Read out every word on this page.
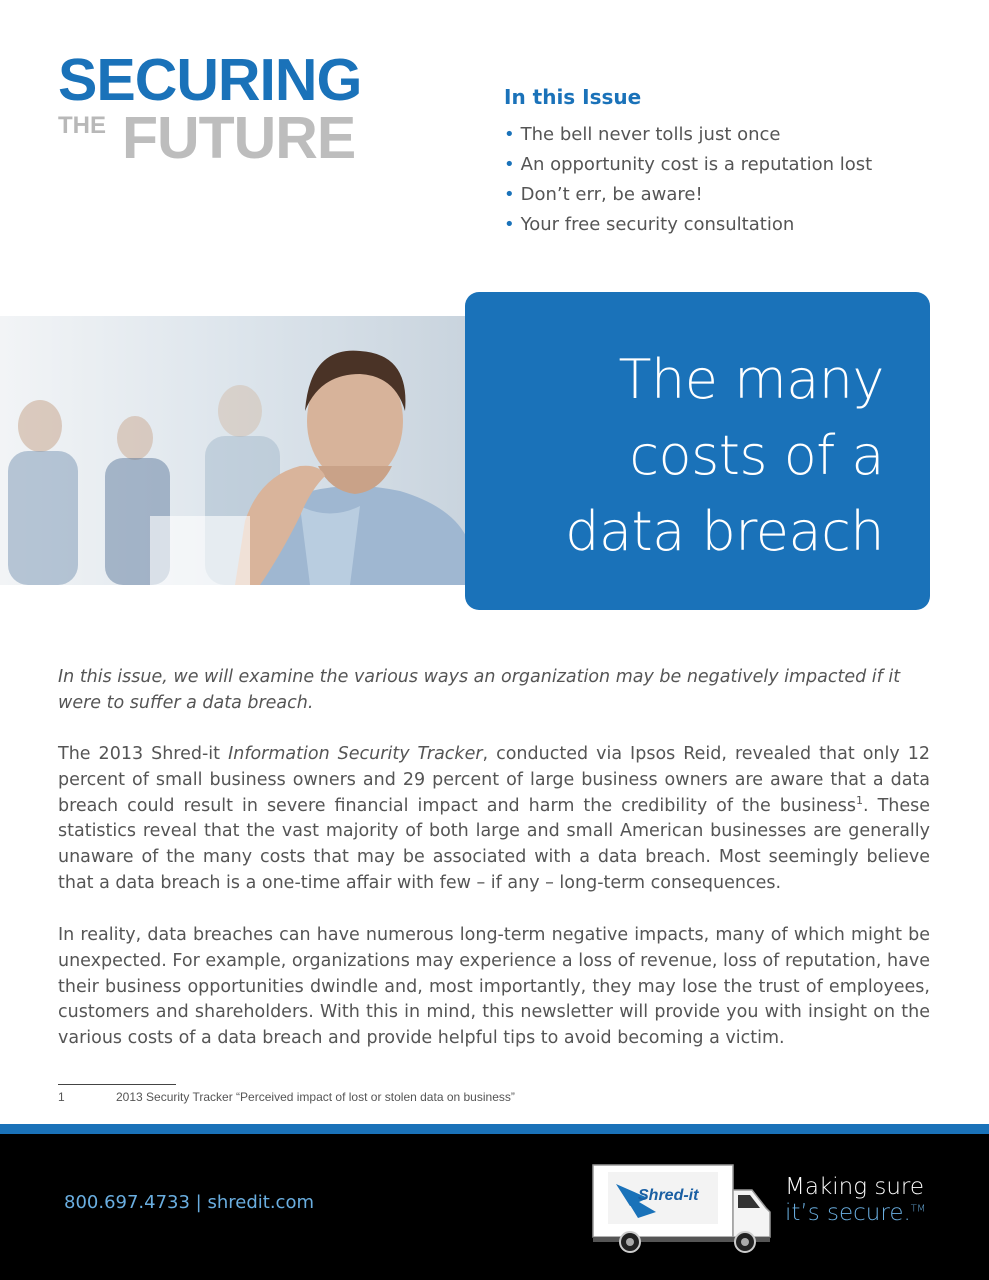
SECURING
THE FUTURE
In this Issue
• The bell never tolls just once
• An opportunity cost is a reputation lost
• Don’t err, be aware!
• Your free security consultation
The many
costs of a
data breach

In this issue, we will examine the various ways an organization may be negatively impacted if it were to suffer a data breach.

The 2013 Shred-it Information Security Tracker, conducted via Ipsos Reid, revealed that only 12 percent of small business owners and 29 percent of large business owners are aware that a data breach could result in severe financial impact and harm the credibility of the business$^1$. These statistics reveal that the vast majority of both large and small American businesses are generally unaware of the many costs that may be associated with a data breach. Most seemingly believe that a data breach is a one-time affair with few – if any – long-term consequences.

In reality, data breaches can have numerous long-term negative impacts, many of which might be unexpected. For example, organizations may experience a loss of revenue, loss of reputation, have their business opportunities dwindle and, most importantly, they may lose the trust of employees, customers and shareholders. With this in mind, this newsletter will provide you with insight on the various costs of a data breach and provide helpful tips to avoid becoming a victim.

1	2013 Security Tracker “Perceived impact of lost or stolen data on business”
800.697.4733 | shredit.com	Shred-it	Making sure
it’s secure.™
